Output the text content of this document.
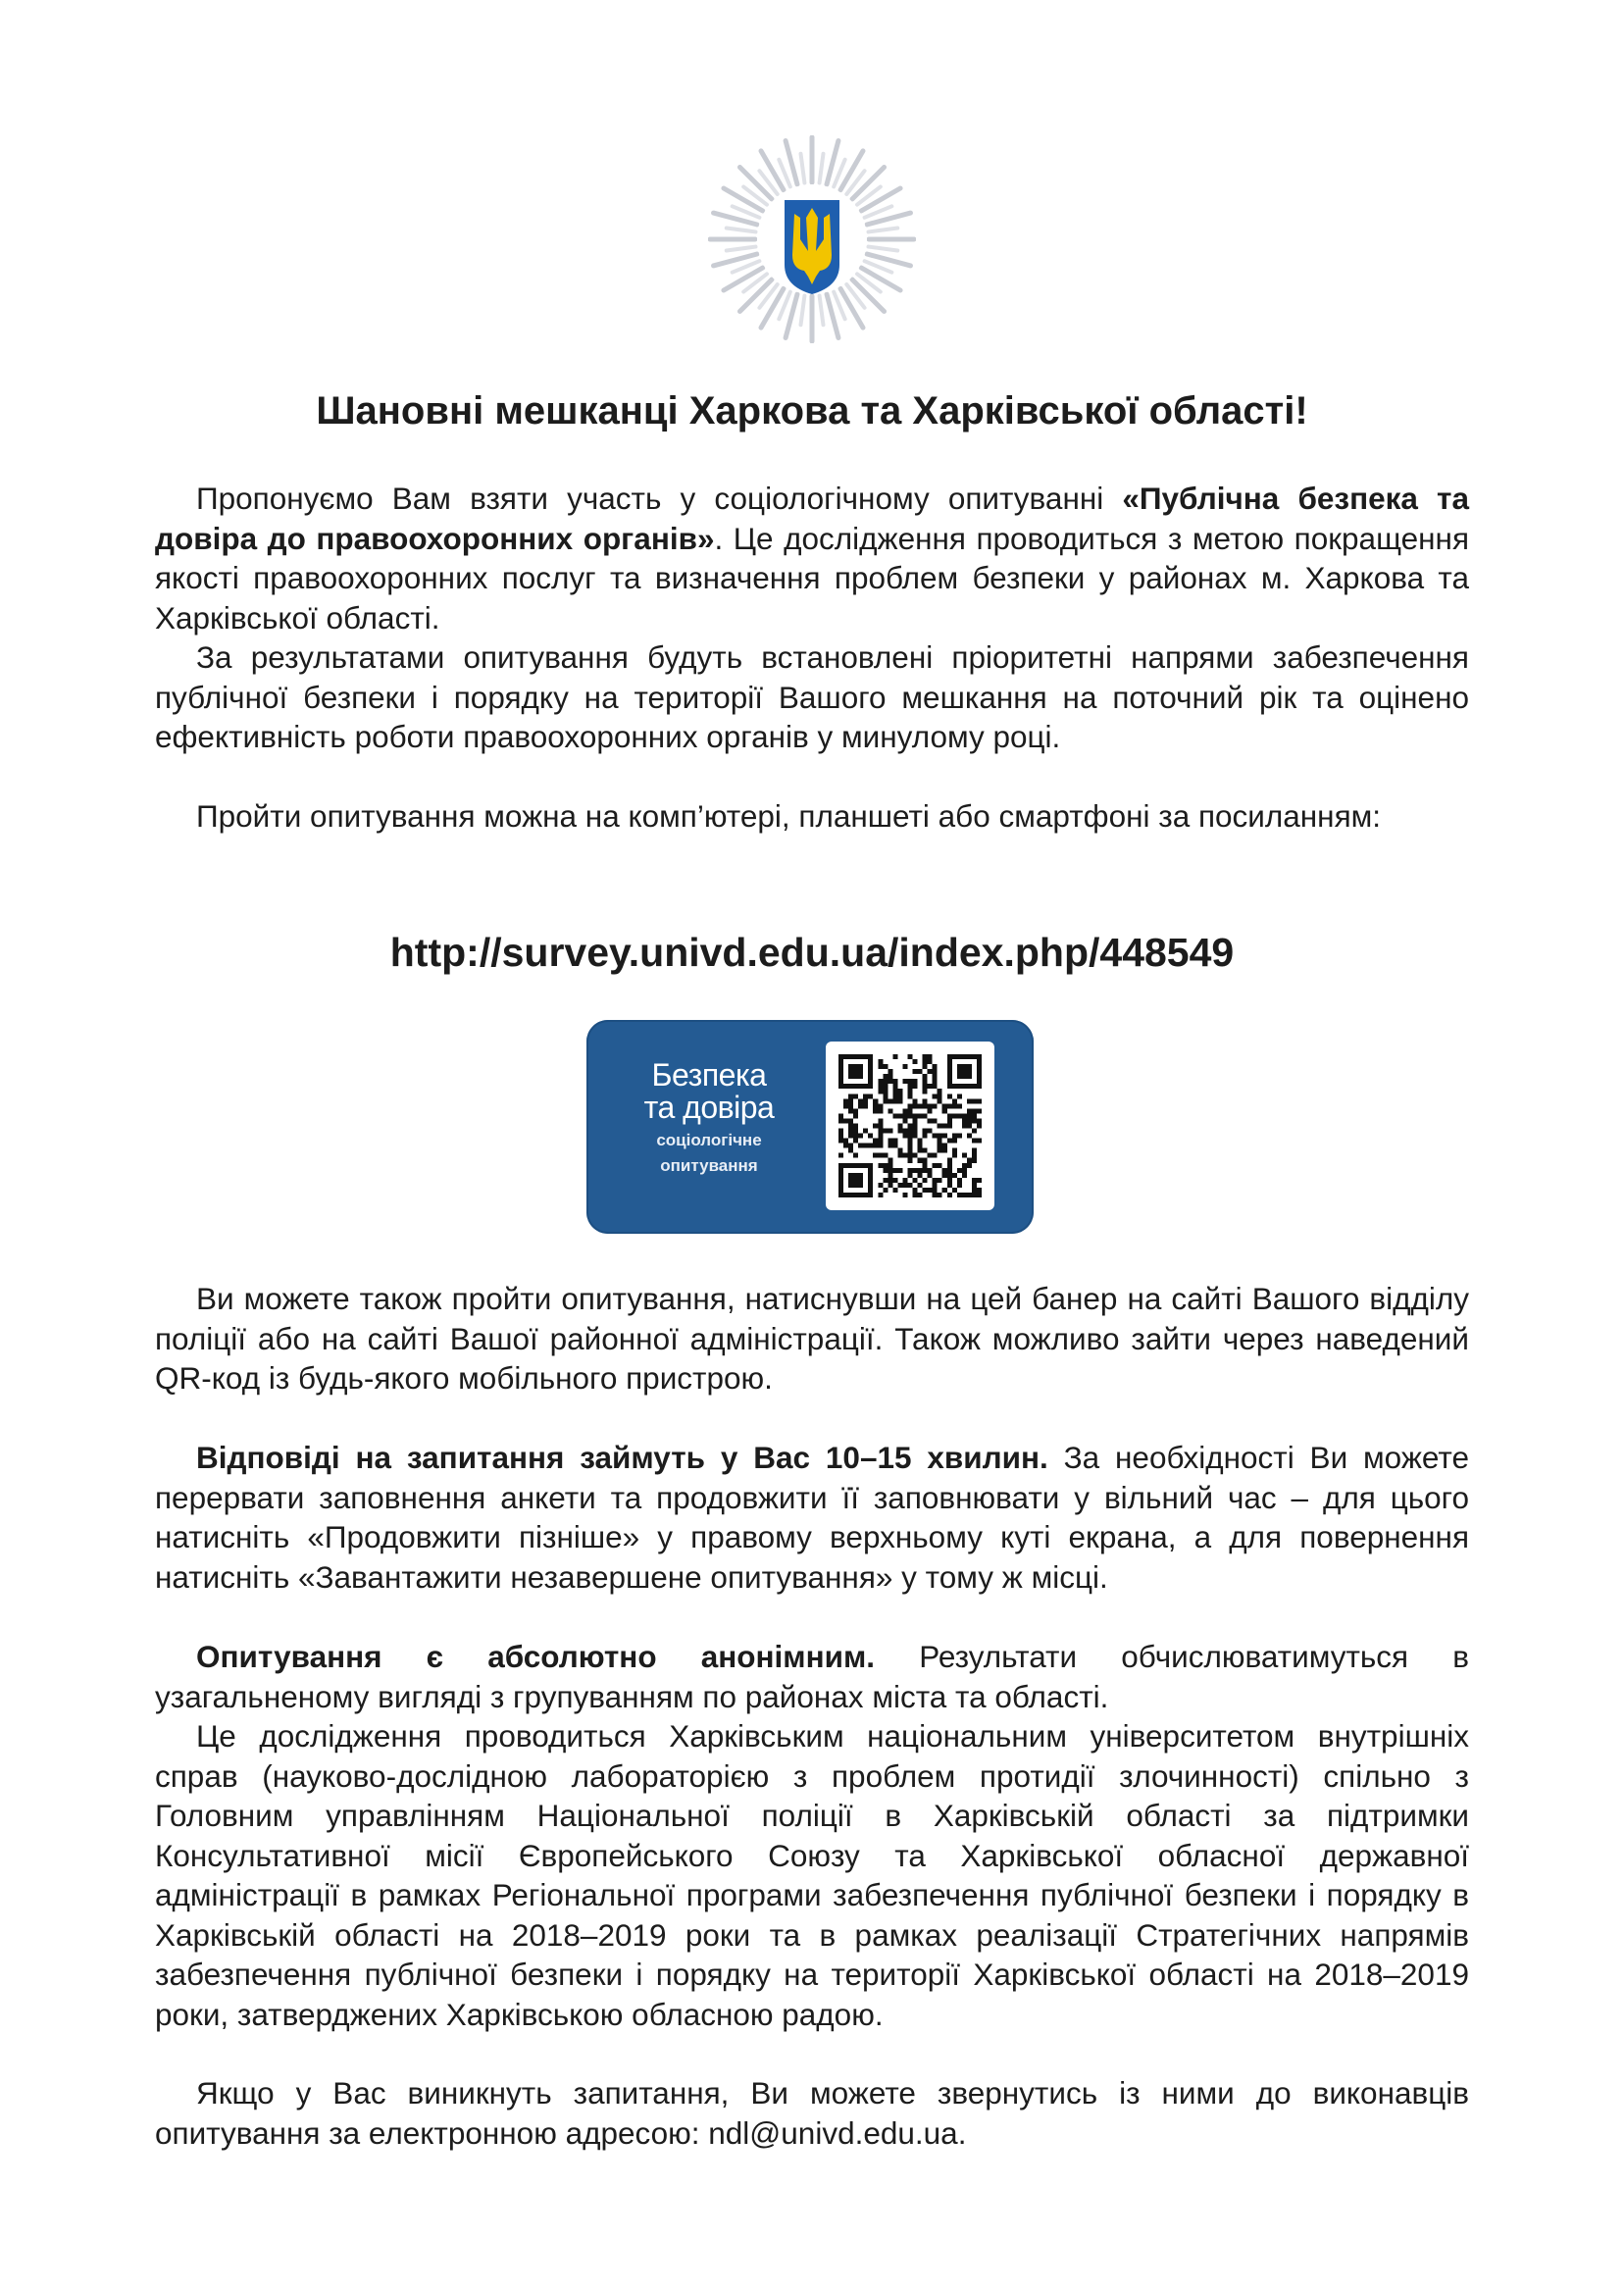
Шановні мешканці Харкова та Харківської області!

Пропонуємо Вам взяти участь у соціологічному опитуванні «Публічна безпека та довіра до правоохоронних органів». Це дослідження проводиться з метою покращення якості правоохоронних послуг та визначення проблем безпеки у районах м. Харкова та Харківської області.

За результатами опитування будуть встановлені пріоритетні напрями забезпечення публічної безпеки і порядку на території Вашого мешкання на поточний рік та оцінено ефективність роботи правоохоронних органів у минулому році.

Пройти опитування можна на комп’ютері, планшеті або смартфоні за посиланням:

http://survey.univd.edu.ua/index.php/448549

Безпека
та довіра
соціологічне
опитування

Ви можете також пройти опитування, натиснувши на цей банер на сайті Вашого відділу поліції або на сайті Вашої районної адміністрації. Також можливо зайти через наведений QR-код із будь-якого мобільного пристрою.

Відповіді на запитання займуть у Вас 10–15 хвилин. За необхідності Ви можете перервати заповнення анкети та продовжити її заповнювати у вільний час – для цього натисніть «Продовжити пізніше» у правому верхньому куті екрана, а для повернення натисніть «Завантажити незавершене опитування» у тому ж місці.

Опитування є абсолютно анонімним. Результати обчислюватимуться в узагальненому вигляді з групуванням по районах міста та області.

Це дослідження проводиться Харківським національним університетом внутрішніх справ (науково-дослідною лабораторією з проблем протидії злочинності) спільно з Головним управлінням Національної поліції в Харківській області за підтримки Консультативної місії Європейського Союзу та Харківської обласної державної адміністрації в рамках Регіональної програми забезпечення публічної безпеки і порядку в Харківській області на 2018–2019 роки та в рамках реалізації Стратегічних напрямів забезпечення публічної безпеки і порядку на території Харківської області на 2018–2019 роки, затверджених Харківською обласною радою.

Якщо у Вас виникнуть запитання, Ви можете звернутись із ними до виконавців опитування за електронною адресою: ndl@univd.edu.ua.
